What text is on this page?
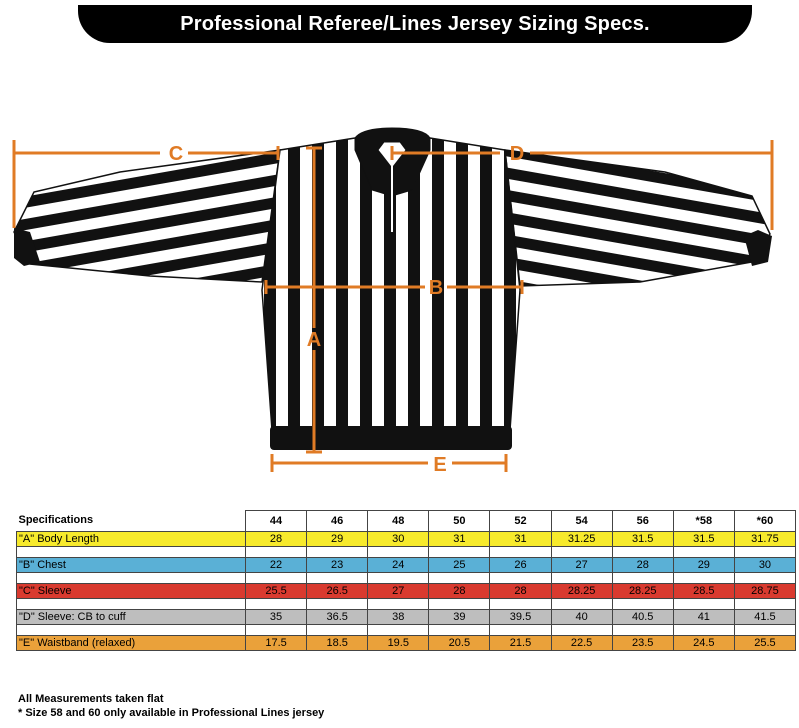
Professional Referee/Lines Jersey Sizing Specs.
C	D
B
A
E
Specifications	44	46	48	50	52	54	56	*58	*60
"A" Body Length	28	29	30	31	31	31.25	31.5	31.5	31.75

"B" Chest	22	23	24	25	26	27	28	29	30

"C" Sleeve	25.5	26.5	27	28	28	28.25	28.25	28.5	28.75

"D" Sleeve: CB to cuff	35	36.5	38	39	39.5	40	40.5	41	41.5

"E" Waistband (relaxed)	17.5	18.5	19.5	20.5	21.5	22.5	23.5	24.5	25.5
All Measurements taken flat
* Size 58 and 60 only available in Professional Lines jersey
